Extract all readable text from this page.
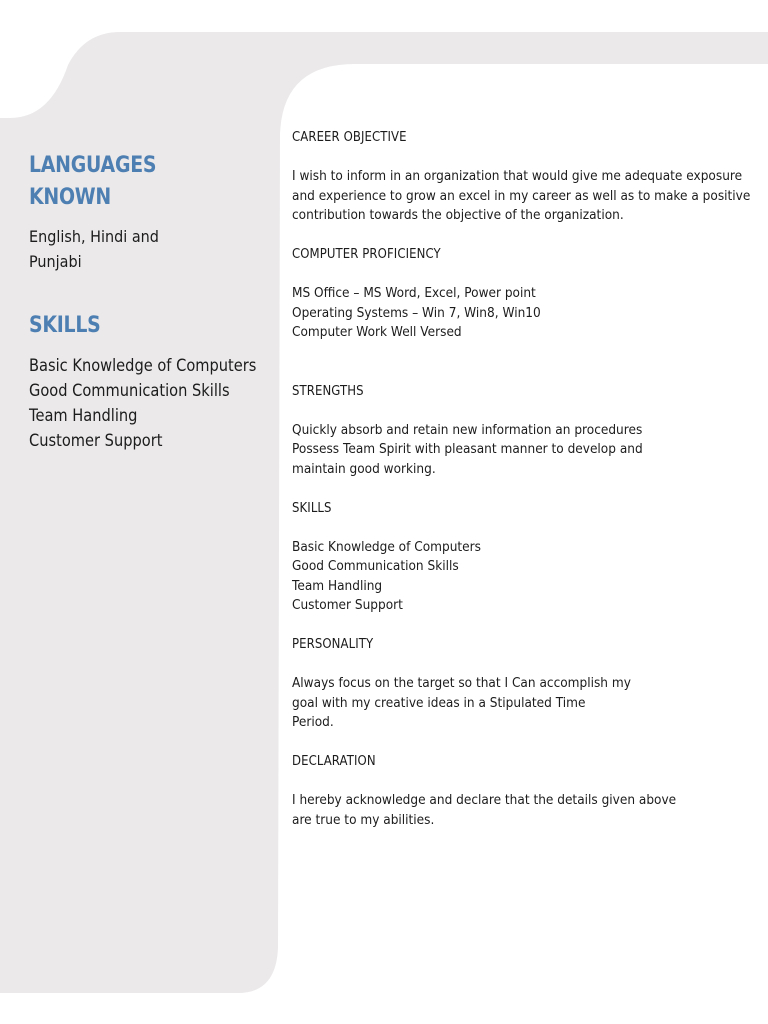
LANGUAGES
KNOWN
English, Hindi and Punjabi
SKILLS
Basic Knowledge of Computers
Good Communication Skills
Team Handling
Customer Support
CAREER OBJECTIVE
I wish to inform in an organization that would give me adequate exposure
and experience to grow an excel in my career as well as to make a positive
contribution towards the objective of the organization.
COMPUTER PROFICIENCY
MS Office – MS Word, Excel, Power point
Operating Systems – Win 7, Win8, Win10
Computer Work Well Versed
STRENGTHS
Quickly absorb and retain new information an procedures
Possess Team Spirit with pleasant manner to develop and
maintain good working.
SKILLS
Basic Knowledge of Computers
Good Communication Skills
Team Handling
Customer Support
PERSONALITY
Always focus on the target so that I Can accomplish my
goal with my creative ideas in a Stipulated Time
Period.
DECLARATION
I hereby acknowledge and declare that the details given above
are true to my abilities.
